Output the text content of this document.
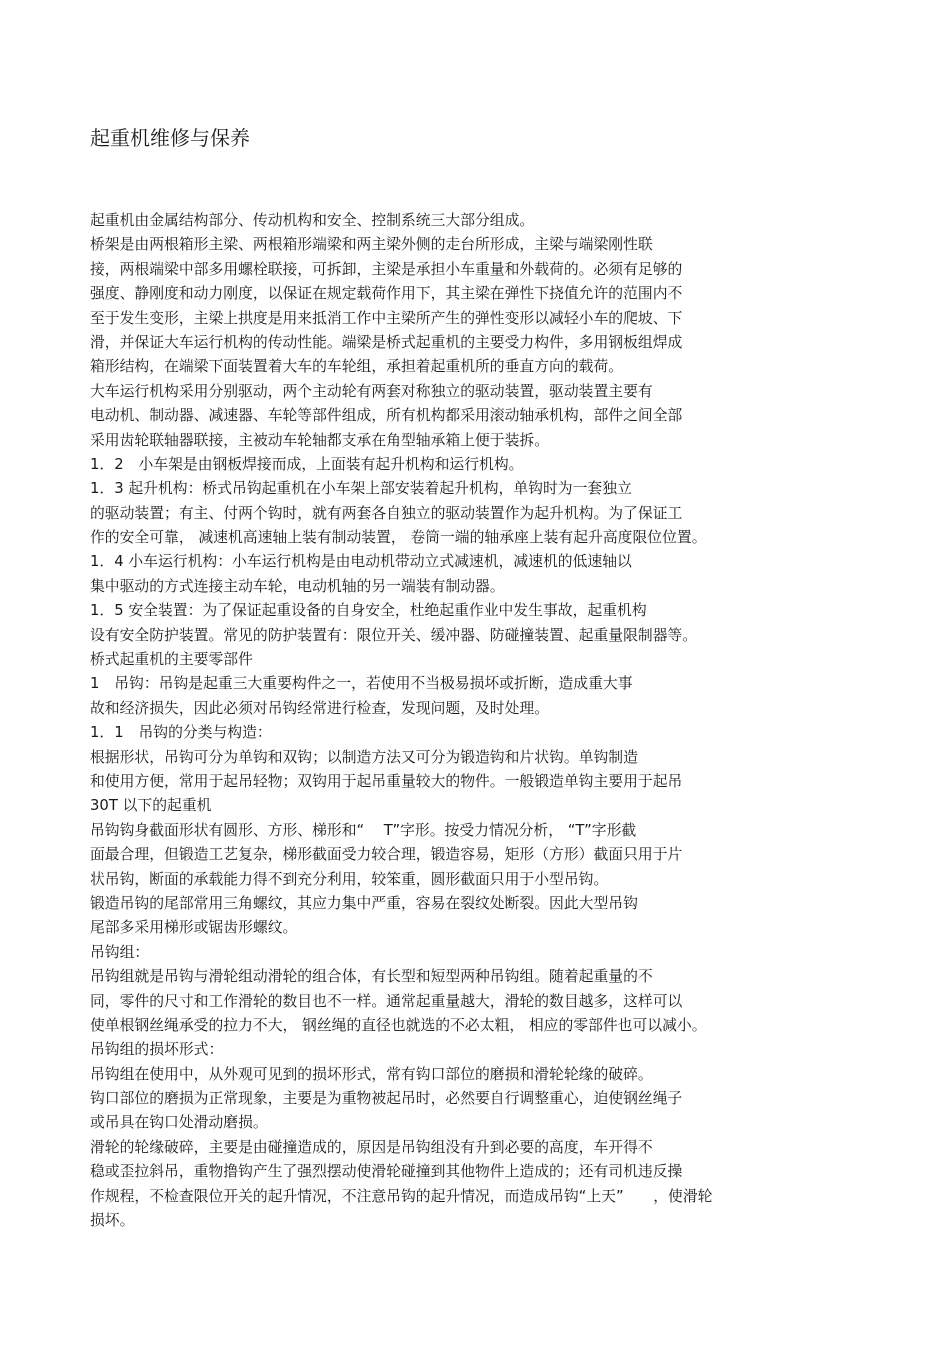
起重机维修与保养
起重机由金属结构部分、传动机构和安全、控制系统三大部分组成。
桥架是由两根箱形主梁、两根箱形端梁和两主梁外侧的走台所形成，主梁与端梁刚性联
接，两根端梁中部多用螺栓联接，可拆卸，主梁是承担小车重量和外载荷的。必须有足够的
强度、静刚度和动力刚度，以保证在规定载荷作用下，其主梁在弹性下挠值允许的范围内不
至于发生变形，主梁上拱度是用来抵消工作中主梁所产生的弹性变形以减轻小车的爬坡、下
滑，并保证大车运行机构的传动性能。端梁是桥式起重机的主要受力构件，多用钢板组焊成
箱形结构，在端梁下面装置着大车的车轮组，承担着起重机所的垂直方向的载荷。
大车运行机构采用分别驱动，两个主动轮有两套对称独立的驱动装置，驱动装置主要有
电动机、制动器、减速器、车轮等部件组成，所有机构都采用滚动轴承机构，部件之间全部
采用齿轮联轴器联接，主被动车轮轴都支承在角型轴承箱上便于装拆。
1．2　小车架是由钢板焊接而成，上面装有起升机构和运行机构。
1．3 起升机构：桥式吊钩起重机在小车架上部安装着起升机构，单钩时为一套独立
的驱动装置；有主、付两个钩时，就有两套各自独立的驱动装置作为起升机构。为了保证工
作的安全可靠， 减速机高速轴上装有制动装置， 卷筒一端的轴承座上装有起升高度限位位置。
1．4 小车运行机构：小车运行机构是由电动机带动立式减速机，减速机的低速轴以
集中驱动的方式连接主动车轮，电动机轴的另一端装有制动器。
1．5 安全装置：为了保证起重设备的自身安全，杜绝起重作业中发生事故，起重机构
设有安全防护装置。常见的防护装置有：限位开关、缓冲器、防碰撞装置、起重量限制器等。
桥式起重机的主要零部件
1　吊钩：吊钩是起重三大重要构件之一，若使用不当极易损坏或折断，造成重大事
故和经济损失，因此必须对吊钩经常进行检查，发现问题，及时处理。
1．1　吊钩的分类与构造：
根据形状，吊钩可分为单钩和双钩；以制造方法又可分为锻造钩和片状钩。单钩制造
和使用方便，常用于起吊轻物；双钩用于起吊重量较大的物件。一般锻造单钩主要用于起吊
30T 以下的起重机
吊钩钩身截面形状有圆形、方形、梯形和“　 T”字形。按受力情况分析， “T”字形截
面最合理，但锻造工艺复杂，梯形截面受力较合理，锻造容易，矩形（方形）截面只用于片
状吊钩，断面的承载能力得不到充分利用，较笨重，圆形截面只用于小型吊钩。
锻造吊钩的尾部常用三角螺纹，其应力集中严重，容易在裂纹处断裂。因此大型吊钩
尾部多采用梯形或锯齿形螺纹。
吊钩组：
吊钩组就是吊钩与滑轮组动滑轮的组合体，有长型和短型两种吊钩组。随着起重量的不
同，零件的尺寸和工作滑轮的数目也不一样。通常起重量越大，滑轮的数目越多，这样可以
使单根钢丝绳承受的拉力不大， 钢丝绳的直径也就选的不必太粗， 相应的零部件也可以减小。
吊钩组的损坏形式：
吊钩组在使用中，从外观可见到的损坏形式，常有钩口部位的磨损和滑轮轮缘的破碎。
钩口部位的磨损为正常现象，主要是为重物被起吊时，必然要自行调整重心，迫使钢丝绳子
或吊具在钩口处滑动磨损。
滑轮的轮缘破碎，主要是由碰撞造成的，原因是吊钩组没有升到必要的高度，车开得不
稳或歪拉斜吊，重物撸钩产生了强烈摆动使滑轮碰撞到其他物件上造成的；还有司机违反操
作规程，不检查限位开关的起升情况，不注意吊钩的起升情况，而造成吊钩“上天”　　，使滑轮
损坏。
